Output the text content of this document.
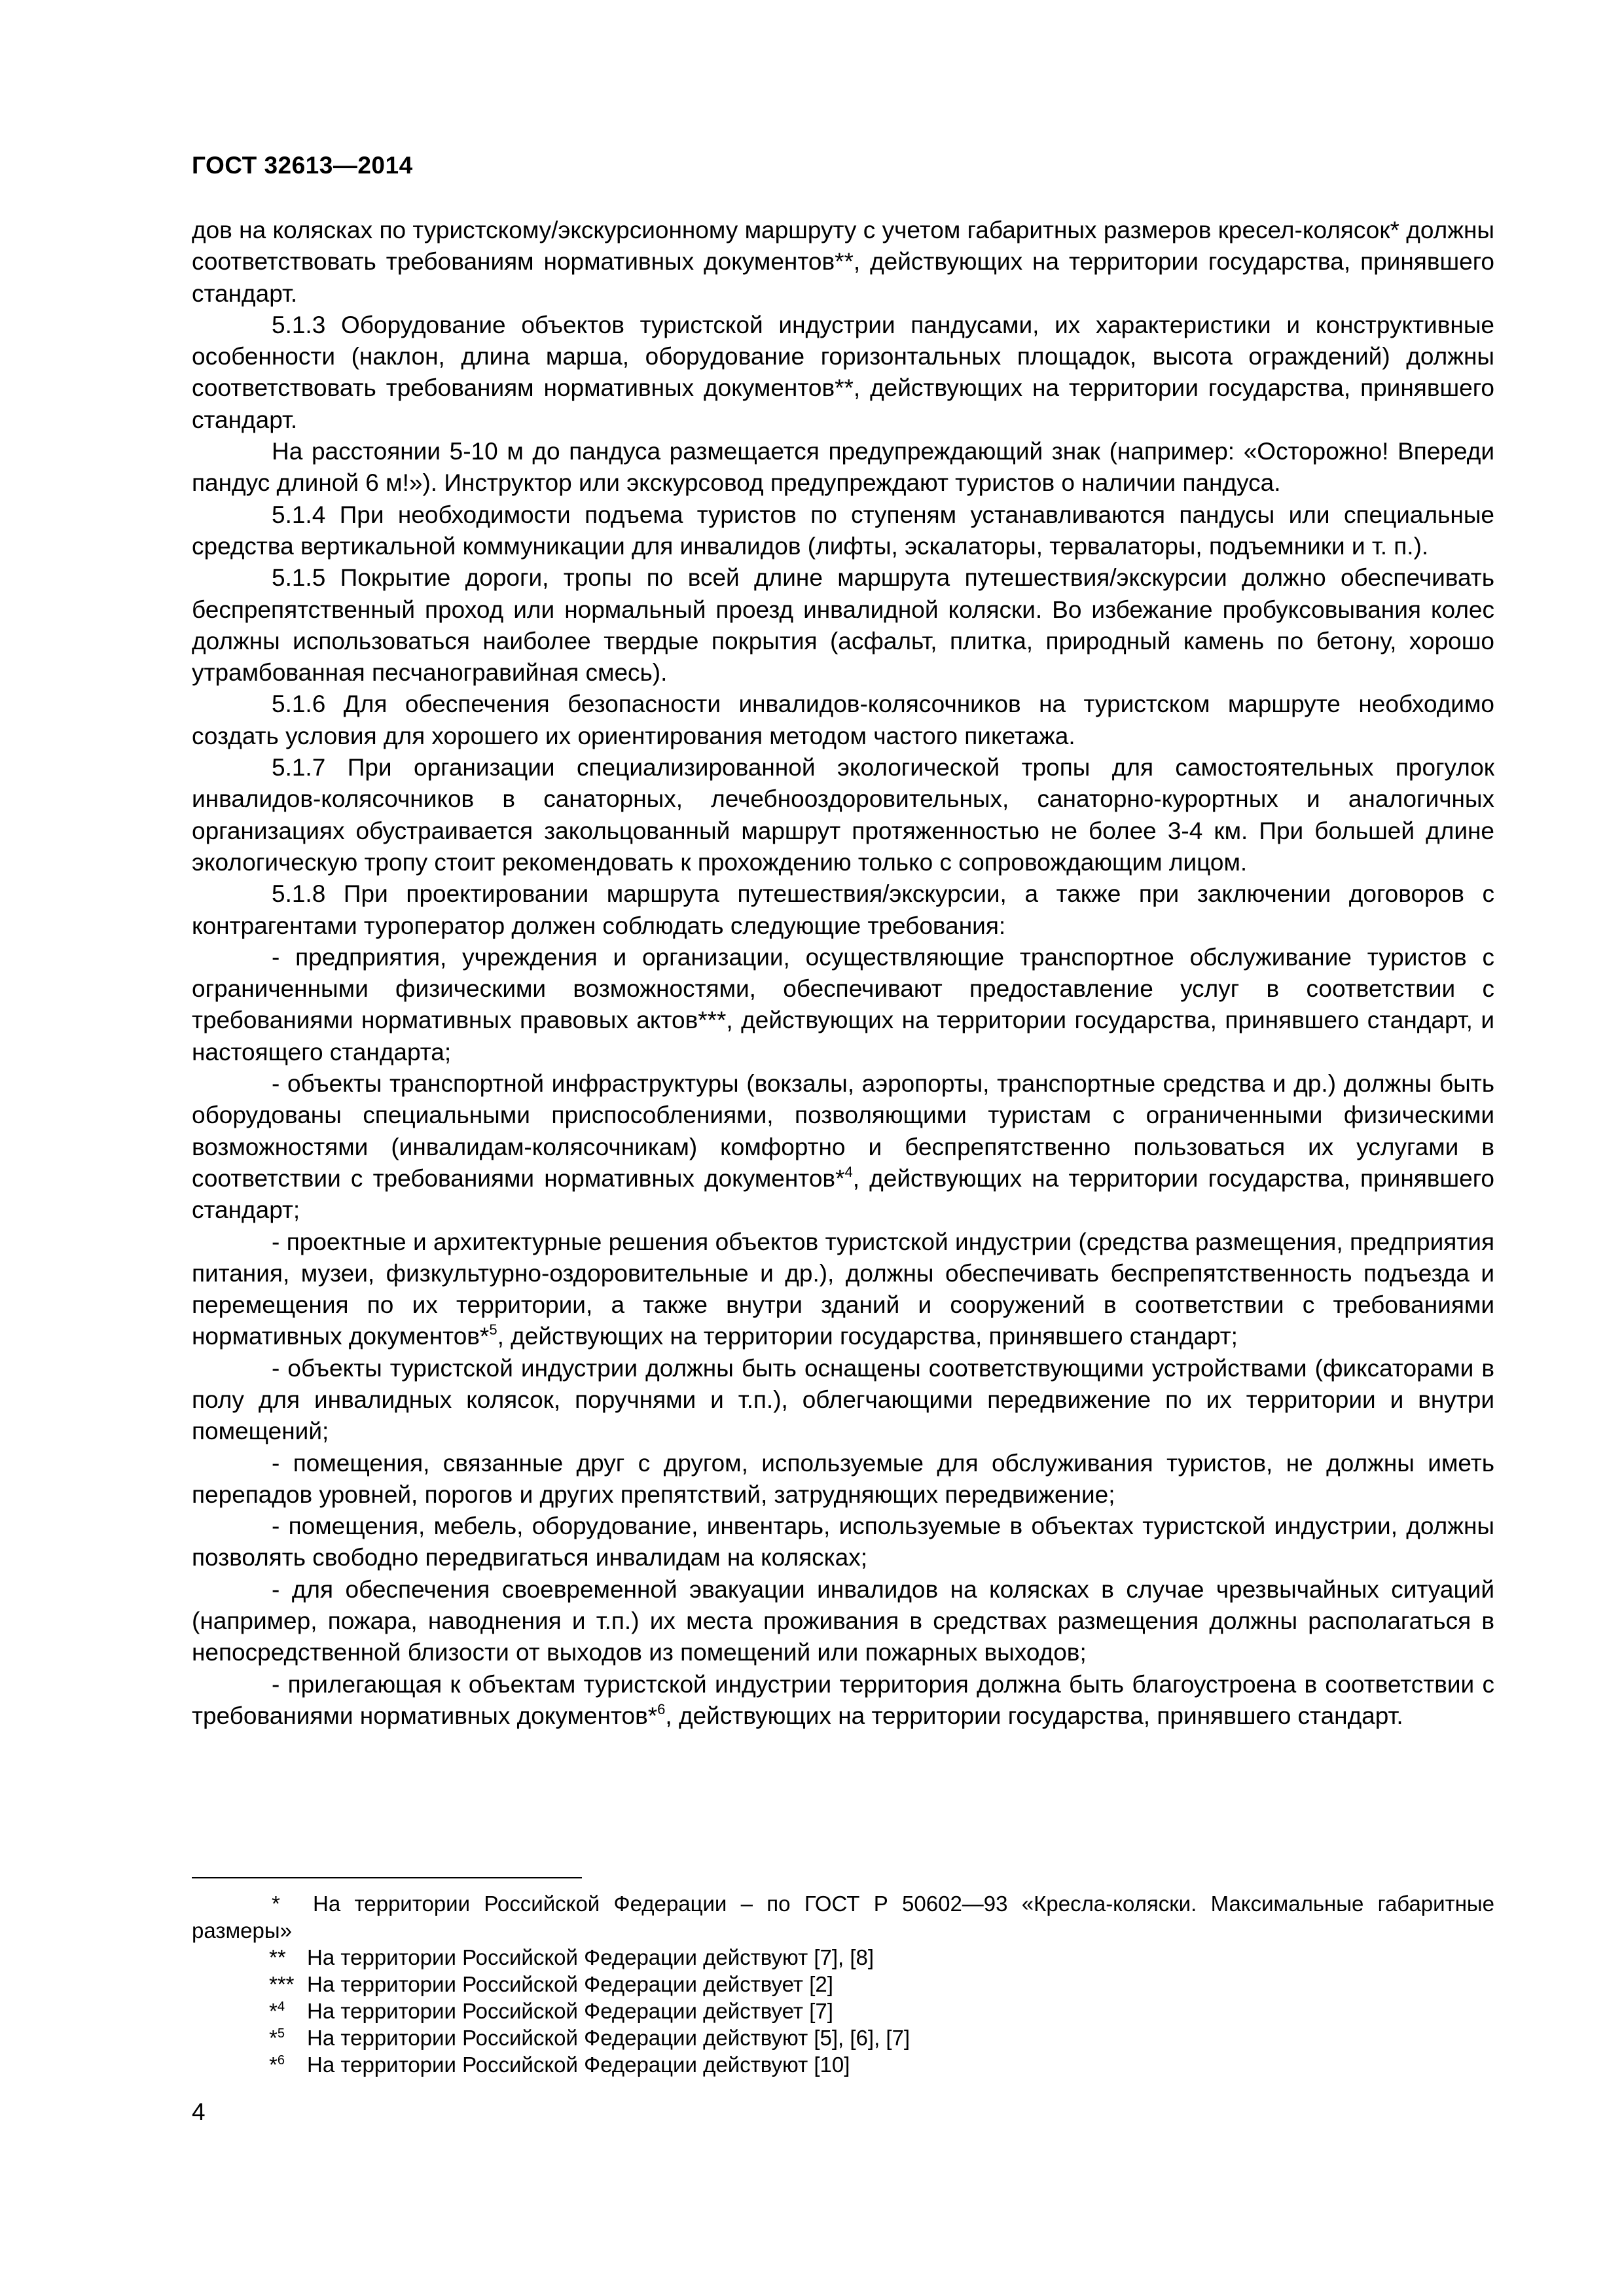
ГОСТ 32613—2014

дов на колясках по туристскому/экскурсионному маршруту с учетом габаритных размеров кресел-колясок* должны соответствовать требованиям нормативных документов**, действующих на территории государства, принявшего стандарт.

5.1.3 Оборудование объектов туристской индустрии пандусами, их характеристики и конструктивные особенности (наклон, длина марша, оборудование горизонтальных площадок, высота ограждений) должны соответствовать требованиям нормативных документов**, действующих на территории государства, принявшего стандарт.

На расстоянии 5-10 м до пандуса размещается предупреждающий знак (например: «Осторожно! Впереди пандус длиной 6 м!»). Инструктор или экскурсовод предупреждают туристов о наличии пандуса.

5.1.4 При необходимости подъема туристов по ступеням устанавливаются пандусы или специальные средства вертикальной коммуникации для инвалидов (лифты, эскалаторы, тервалаторы, подъемники и т. п.).

5.1.5 Покрытие дороги, тропы по всей длине маршрута путешествия/экскурсии должно обеспечивать беспрепятственный проход или нормальный проезд инвалидной коляски. Во избежание пробуксовывания колес должны использоваться наиболее твердые покрытия (асфальт, плитка, природный камень по бетону, хорошо утрамбованная песчаногравийная смесь).

5.1.6 Для обеспечения безопасности инвалидов-колясочников на туристском маршруте необходимо создать условия для хорошего их ориентирования методом частого пикетажа.

5.1.7 При организации специализированной экологической тропы для самостоятельных прогулок инвалидов-колясочников в санаторных, лечебнооздоровительных, санаторно-курортных и аналогичных организациях обустраивается закольцованный маршрут протяженностью не более 3-4 км. При большей длине экологическую тропу стоит рекомендовать к прохождению только с сопровождающим лицом.

5.1.8 При проектировании маршрута путешествия/экскурсии, а также при заключении договоров с контрагентами туроператор должен соблюдать следующие требования:

- предприятия, учреждения и организации, осуществляющие транспортное обслуживание туристов с ограниченными физическими возможностями, обеспечивают предоставление услуг в соответствии с требованиями нормативных правовых актов***, действующих на территории государства, принявшего стандарт, и настоящего стандарта;

- объекты транспортной инфраструктуры (вокзалы, аэропорты, транспортные средства и др.) должны быть оборудованы специальными приспособлениями, позволяющими туристам с ограниченными физическими возможностями (инвалидам-колясочникам) комфортно и беспрепятственно пользоваться их услугами в соответствии с требованиями нормативных документов*$^4$, действующих на территории государства, принявшего стандарт;

- проектные и архитектурные решения объектов туристской индустрии (средства размещения, предприятия питания, музеи, физкультурно-оздоровительные и др.), должны обеспечивать беспрепятственность подъезда и перемещения по их территории, а также внутри зданий и сооружений в соответствии с требованиями нормативных документов*$^5$, действующих на территории государства, принявшего стандарт;

- объекты туристской индустрии должны быть оснащены соответствующими устройствами (фиксаторами в полу для инвалидных колясок, поручнями и т.п.), облегчающими передвижение по их территории и внутри помещений;

- помещения, связанные друг с другом, используемые для обслуживания туристов, не должны иметь перепадов уровней, порогов и других препятствий, затрудняющих передвижение;

- помещения, мебель, оборудование, инвентарь, используемые в объектах туристской индустрии, должны позволять свободно передвигаться инвалидам на колясках;

- для обеспечения своевременной эвакуации инвалидов на колясках в случае чрезвычайных ситуаций (например, пожара, наводнения и т.п.) их места проживания в средствах размещения должны располагаться в непосредственной близости от выходов из помещений или пожарных выходов;

- прилегающая к объектам туристской индустрии территория должна быть благоустроена в соответствии с требованиями нормативных документов*$^6$, действующих на территории государства, принявшего стандарт.

* На территории Российской Федерации – по ГОСТ Р 50602—93 «Кресла-коляски. Максимальные габаритные размеры»

** На территории Российской Федерации действуют [7], [8]

*** На территории Российской Федерации действует [2]

*$^4$ На территории Российской Федерации действует [7]

*$^5$ На территории Российской Федерации действуют [5], [6], [7]

*$^6$ На территории Российской Федерации действуют [10]

4
